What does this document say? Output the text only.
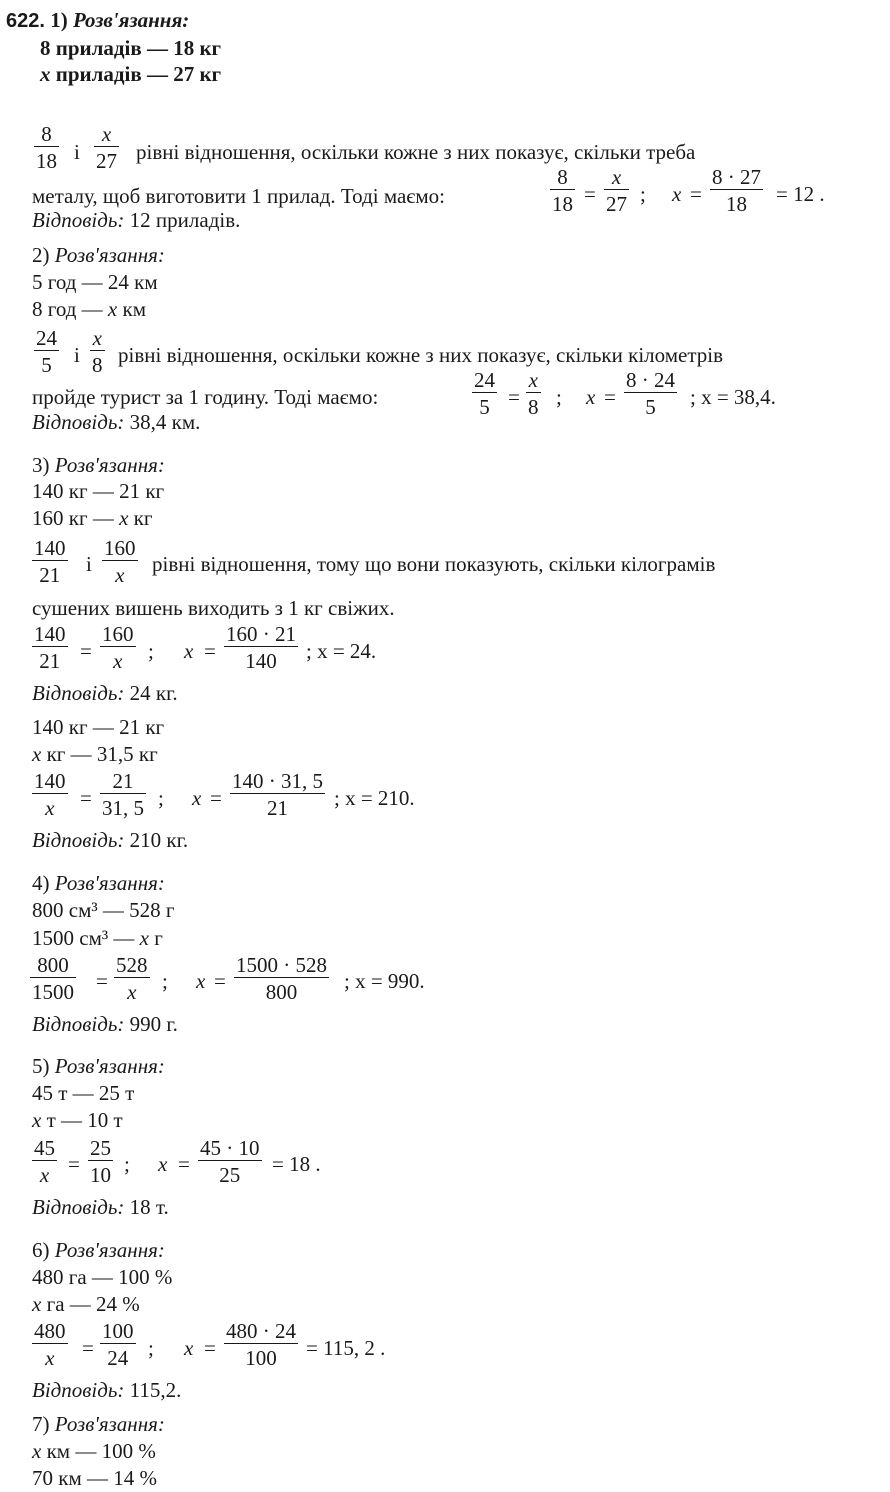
622. 1) Розв'язання:
8 приладів — 18 кг
x приладів — 27 кг
8
18 і
x
27 рівні відношення, оскільки кожне з них показує, скільки треба
металу, щоб виготовити 1 прилад. Тоді маємо:
8
18 =
x
27 ; x =
8 · 27
18	= 12 .
Відповідь: 12 приладів.
2) Розв'язання:
5 год — 24 км
8 год — x км
24
5	і
x
8 рівні відношення, оскільки кожне з них показує, скільки кілометрів
пройде турист за 1 годину. Тоді маємо:
24
5 =
x
8 ; x =
8 · 24
5	; x = 38,4.
Відповідь: 38,4 км.
3) Розв'язання:
140 кг — 21 кг
160 кг — x кг
140
21	і
160
x	рівні відношення, тому що вони показують, скільки кілограмів
сушених вишень виходить з 1 кг свіжих.
140
21 =
160
x	; x =
160 · 21
140	; x = 24.
Відповідь: 24 кг.
140 кг — 21 кг
x кг — 31,5 кг
140
x	=
21
31, 5 ; x =
140 · 31, 5
21	; x = 210.
Відповідь: 210 кг.
4) Розв'язання:
800 см³ — 528 г
1500 см³ — x г
800
1500 =
528
x	; x =
1500 · 528
800	; x = 990.
Відповідь: 990 г.
5) Розв'язання:
45 т — 25 т
x т — 10 т
45
x =
25
10 ; x =
45 · 10
25	= 18 .
Відповідь: 18 т.
6) Розв'язання:
480 га — 100 %
x га — 24 %
480
x	=
100
24 ; x =
480 · 24
100	= 115, 2 .
Відповідь: 115,2.
7) Розв'язання:
x км — 100 %
70 км — 14 %
